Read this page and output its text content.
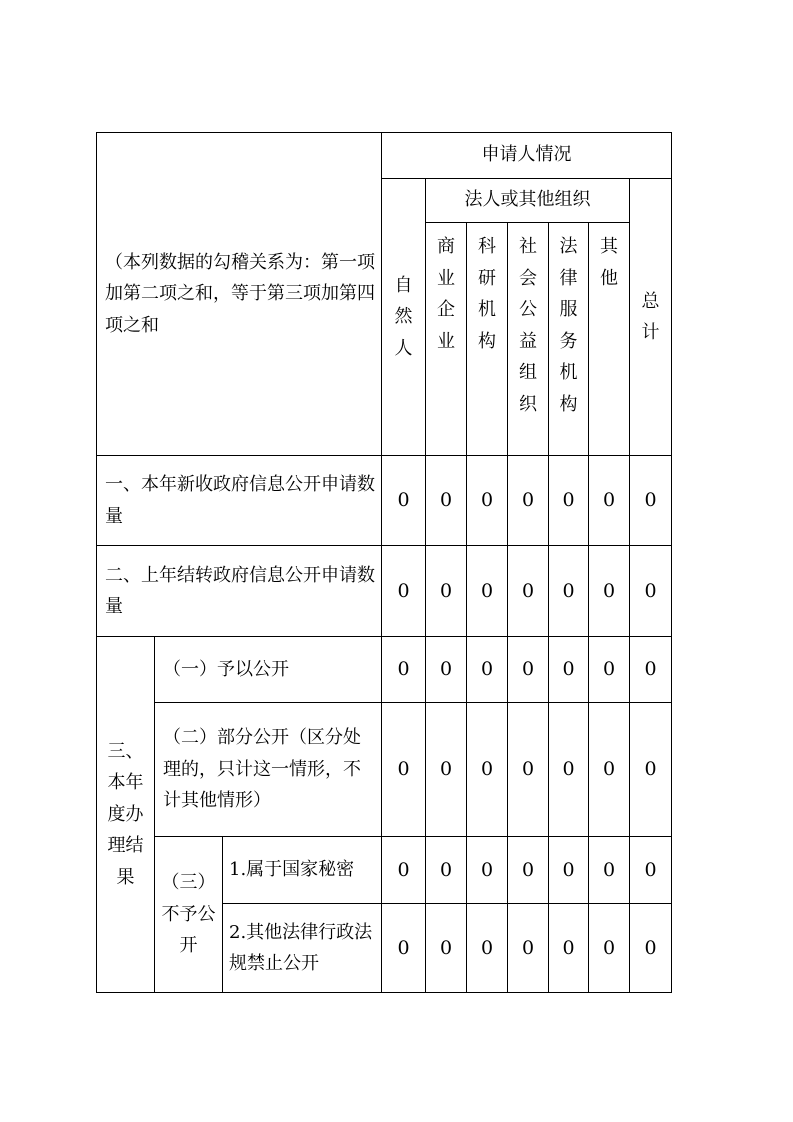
（本列数据的勾稽关系为：第一项加第二项之和，等于第三项加第四项之和			申请人情况						
			自然人	法人或其他组织					总计
				商业企业	科研机构	社会公益组织	法律服务机构	其他	
一、本年新收政府信息公开申请数量			0	0	0	0	0	0	0
二、上年结转政府信息公开申请数量			0	0	0	0	0	0	0
三、本年度办理结果	（一）予以公开		0	0	0	0	0	0	0
	（二）部分公开（区分处理的，只计这一情形，不计其他情形）		0	0	0	0	0	0	0
	（三）不予公开	1.属于国家秘密	0	0	0	0	0	0	0
		2.其他法律行政法规禁止公开	0	0	0	0	0	0	0
